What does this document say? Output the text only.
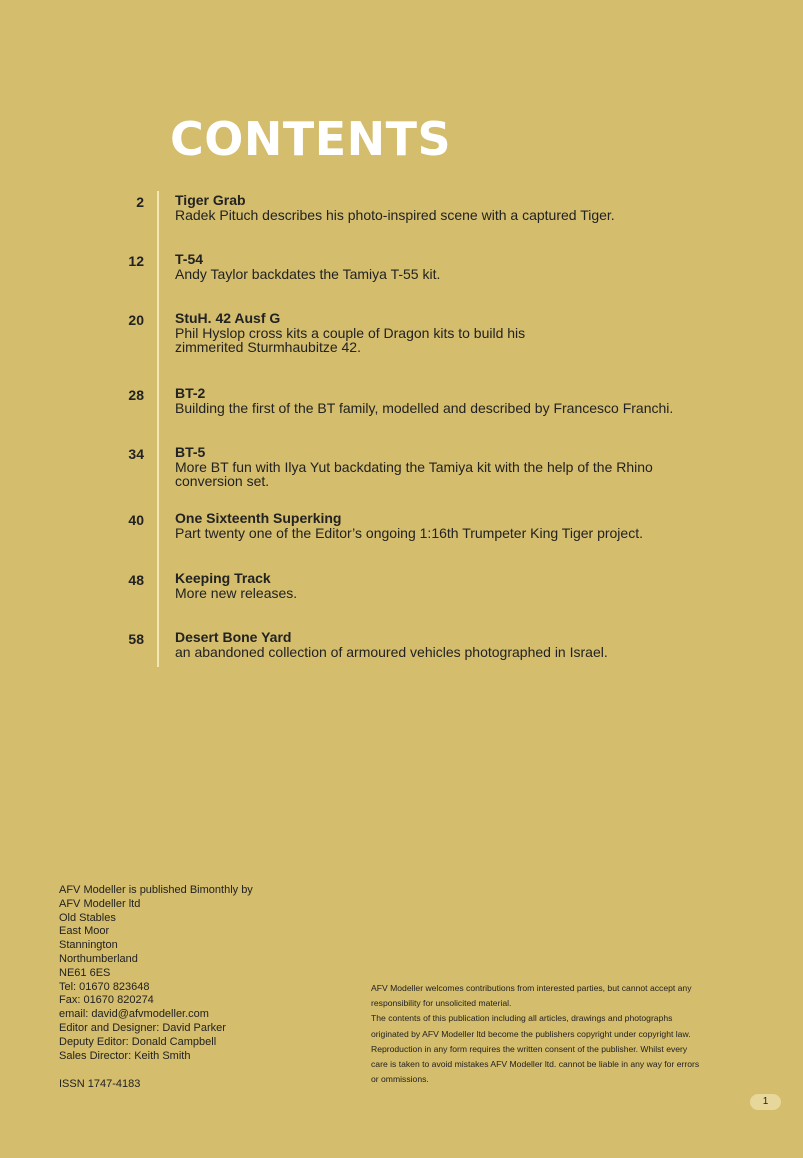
CONTENTS
2 Tiger Grab
Radek Pituch describes his photo-inspired scene with a captured Tiger.
12 T-54
Andy Taylor backdates the Tamiya T-55 kit.
20 StuH. 42 Ausf G
Phil Hyslop cross kits a couple of Dragon kits to build his
zimmerited Sturmhaubitze 42.
28 BT-2
Building the first of the BT family, modelled and described by Francesco Franchi.
34 BT-5
More BT fun with Ilya Yut backdating the Tamiya kit with the help of the Rhino
conversion set.
40 One Sixteenth Superking
Part twenty one of the Editor’s ongoing 1:16th Trumpeter King Tiger project.
48 Keeping Track
More new releases.
58 Desert Bone Yard
an abandoned collection of armoured vehicles photographed in Israel.
AFV Modeller is published Bimonthly by
AFV Modeller ltd
Old Stables
East Moor
Stannington
Northumberland
NE61 6ES
Tel: 01670 823648
Fax: 01670 820274
email: david@afvmodeller.com
Editor and Designer: David Parker
Deputy Editor: Donald Campbell
Sales Director: Keith Smith
ISSN 1747-4183
AFV Modeller welcomes contributions from interested parties, but cannot accept any
responsibility for unsolicited material.
The contents of this publication including all articles, drawings and photographs
originated by AFV Modeller ltd become the publishers copyright under copyright law.
Reproduction in any form requires the written consent of the publisher. Whilst every
care is taken to avoid mistakes AFV Modeller ltd. cannot be liable in any way for errors
or ommissions.
1
